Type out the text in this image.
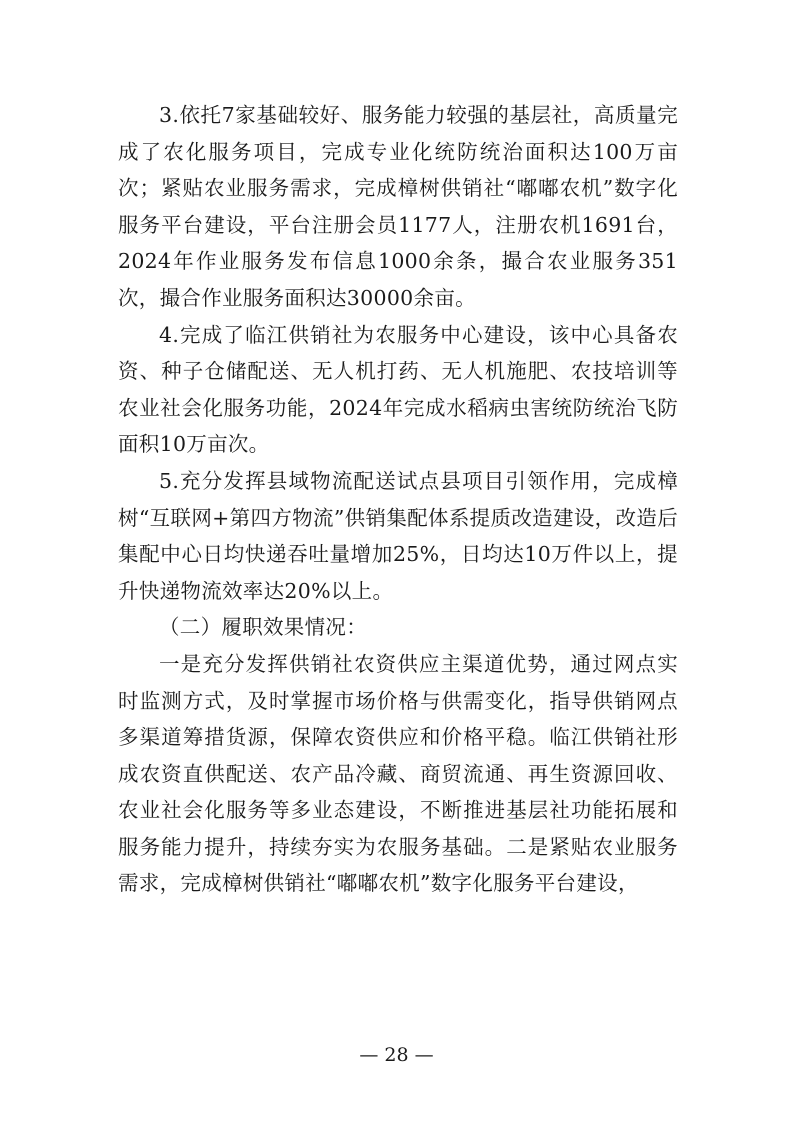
3.依托7家基础较好、服务能力较强的基层社，高质量完成了农化服务项目，完成专业化统防统治面积达100万亩次；紧贴农业服务需求，完成樟树供销社“嘟嘟农机”数字化服务平台建设，平台注册会员1177人，注册农机1691台，2024年作业服务发布信息1000余条，撮合农业服务351次，撮合作业服务面积达30000余亩。

4.完成了临江供销社为农服务中心建设，该中心具备农资、种子仓储配送、无人机打药、无人机施肥、农技培训等农业社会化服务功能，2024年完成水稻病虫害统防统治飞防面积10万亩次。

5.充分发挥县域物流配送试点县项目引领作用，完成樟树“互联网+第四方物流”供销集配体系提质改造建设，改造后集配中心日均快递吞吐量增加25%，日均达10万件以上，提升快递物流效率达20%以上。

（二）履职效果情况：

一是充分发挥供销社农资供应主渠道优势，通过网点实时监测方式，及时掌握市场价格与供需变化，指导供销网点多渠道筹措货源，保障农资供应和价格平稳。临江供销社形成农资直供配送、农产品冷藏、商贸流通、再生资源回收、农业社会化服务等多业态建设，不断推进基层社功能拓展和服务能力提升，持续夯实为农服务基础。二是紧贴农业服务需求，完成樟树供销社“嘟嘟农机”数字化服务平台建设，

— 28 —
